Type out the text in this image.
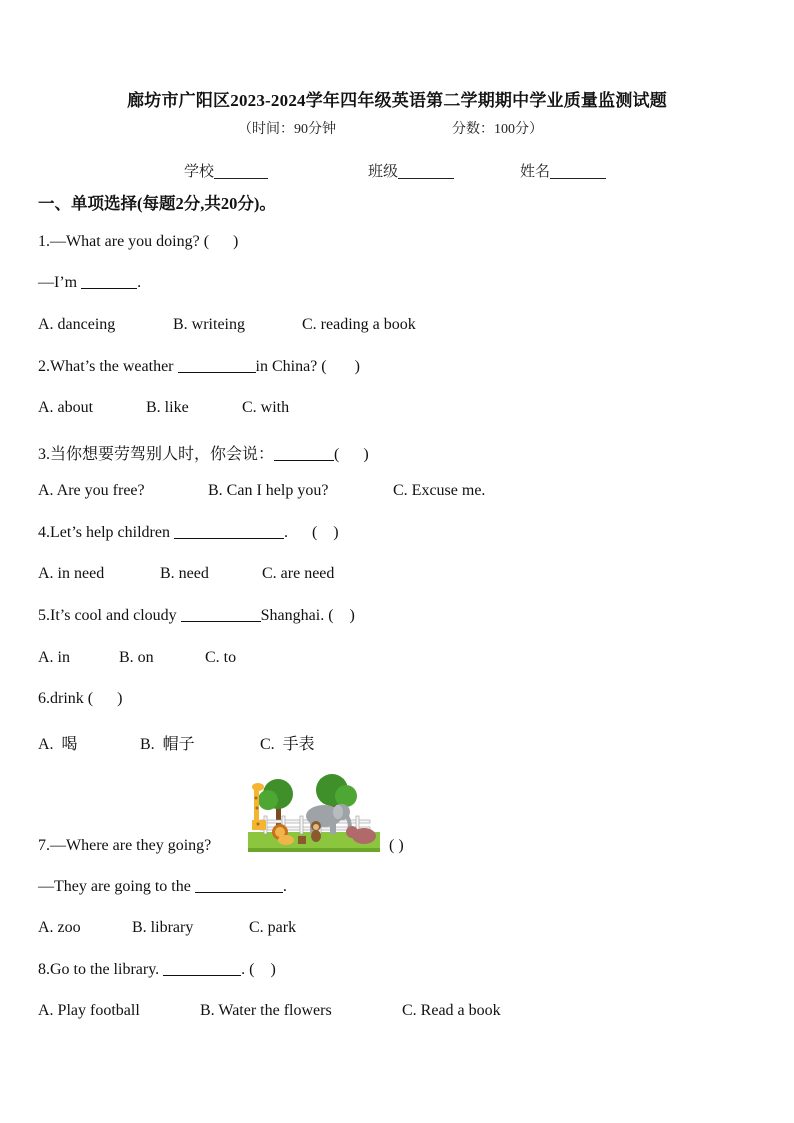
廊坊市广阳区2023-2024学年四年级英语第二学期期中学业质量监测试题
（时间：90分钟	分数：100分）
学校	班级	姓名
一、单项选择(每题2分,共20分)。
1.—What are you doing? (      )
—I’m	.
A. danceing	B. writeing	C. reading a book
2.What’s the weather	in China? (       )
A. about	B. like	C. with
3.当你想要劳驾别人时，你会说：	(      )
A. Are you free?	B. Can I help you?	C. Excuse me.
4.Let’s help children	.      (    )
A. in need	B. need	C. are need
5.It’s cool and cloudy	Shanghai. (    )
A. in	B. on	C. to
6.drink (      )
A.  喝	B.  帽子	C.  手表
7.—Where are they going?	( )
—They are going to the	.
A. zoo	B. library	C. park
8.Go to the library.	. (    )
A. Play football	B. Water the flowers	C. Read a book
